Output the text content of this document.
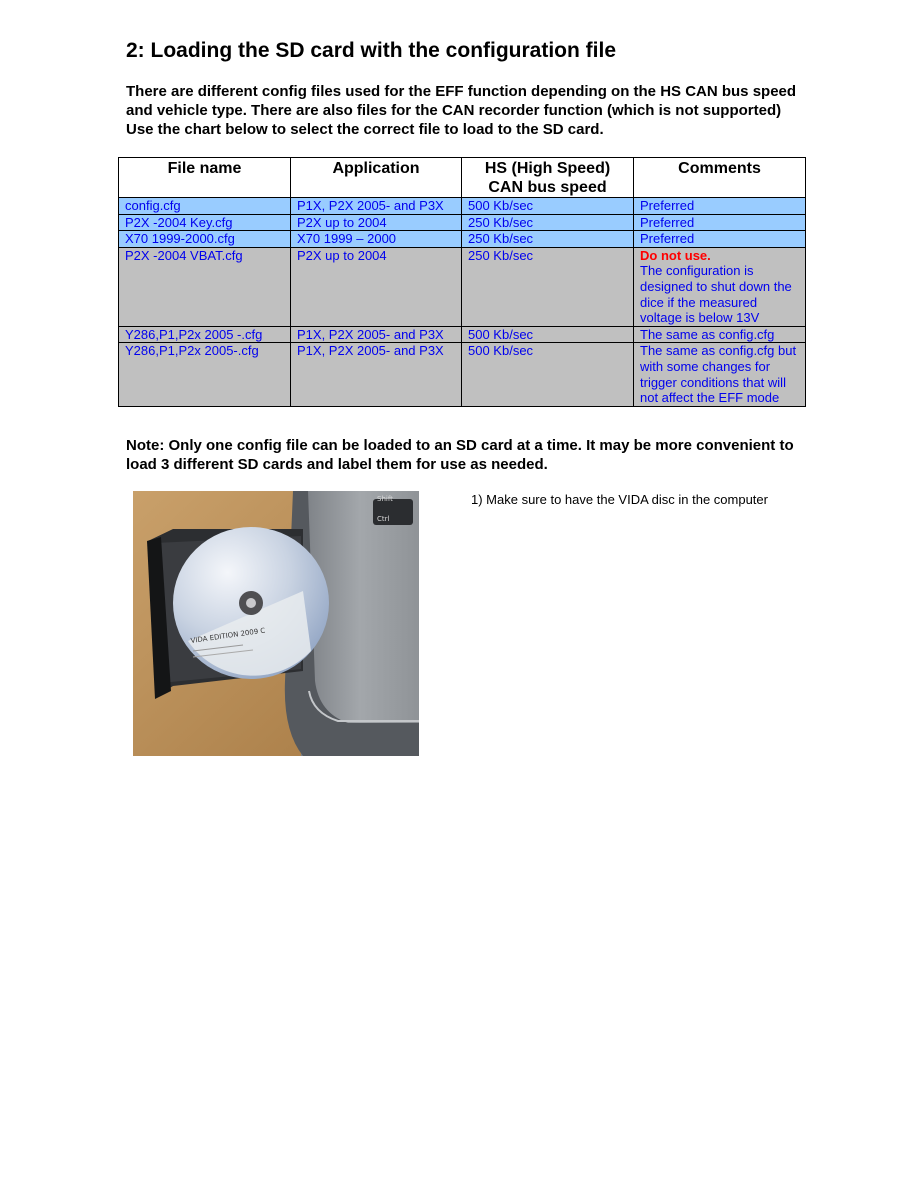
2: Loading the SD card with the configuration file

There are different config files used for the EFF function depending on the HS CAN bus speed and vehicle type. There are also files for the CAN recorder function (which is not supported) Use the chart below to select the correct file to load to the SD card.

File name	Application	HS (High Speed) CAN bus speed	Comments
config.cfg	P1X, P2X 2005- and P3X	500 Kb/sec	Preferred
P2X -2004 Key.cfg	P2X up to 2004	250 Kb/sec	Preferred
X70 1999-2000.cfg	X70 1999 – 2000	250 Kb/sec	Preferred
P2X -2004 VBAT.cfg	P2X up to 2004	250 Kb/sec	Do not use.
The configuration is designed to shut down the dice if the measured voltage is below 13V
Y286,P1,P2x 2005 -.cfg	P1X, P2X 2005- and P3X	500 Kb/sec	The same as config.cfg
Y286,P1,P2x 2005-.cfg	P1X, P2X 2005- and P3X	500 Kb/sec	The same as config.cfg but with some changes for trigger conditions that will not affect the EFF mode

Note: Only one config file can be loaded to an SD card at a time. It may be more convenient to load 3 different SD cards and label them for use as needed.

Shift
Ctrl
VIDA EDITION 2009 C
1) Make sure to have the VIDA disc in the computer
